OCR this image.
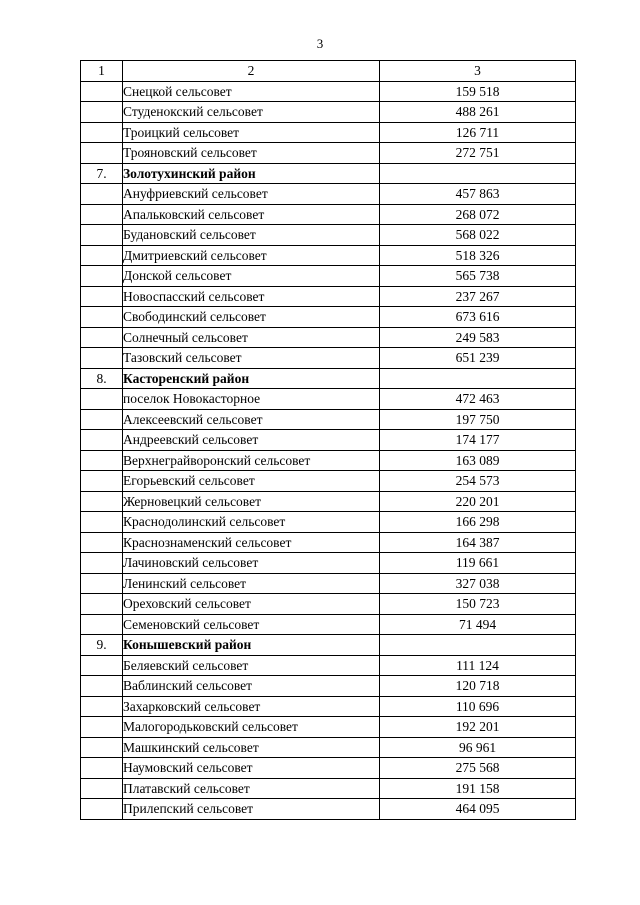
3
1	2	3
	Снецкой сельсовет	159 518
	Студенокский сельсовет	488 261
	Троицкий сельсовет	126 711
	Трояновский сельсовет	272 751
7.	Золотухинский район	
	Ануфриевский сельсовет	457 863
	Апальковский сельсовет	268 072
	Будановский сельсовет	568 022
	Дмитриевский сельсовет	518 326
	Донской сельсовет	565 738
	Новоспасский сельсовет	237 267
	Свободинский сельсовет	673 616
	Солнечный сельсовет	249 583
	Тазовский сельсовет	651 239
8.	Касторенский район	
	поселок Новокасторное	472 463
	Алексеевский сельсовет	197 750
	Андреевский сельсовет	174 177
	Верхнеграйворонский сельсовет	163 089
	Егорьевский сельсовет	254 573
	Жерновецкий сельсовет	220 201
	Краснодолинский сельсовет	166 298
	Краснознаменский сельсовет	164 387
	Лачиновский сельсовет	119 661
	Ленинский сельсовет	327 038
	Ореховский сельсовет	150 723
	Семеновский сельсовет	71 494
9.	Конышевский район	
	Беляевский сельсовет	111 124
	Ваблинский сельсовет	120 718
	Захарковский сельсовет	110 696
	Малогородьковский сельсовет	192 201
	Машкинский сельсовет	96 961
	Наумовский сельсовет	275 568
	Платавский сельсовет	191 158
	Прилепский сельсовет	464 095
